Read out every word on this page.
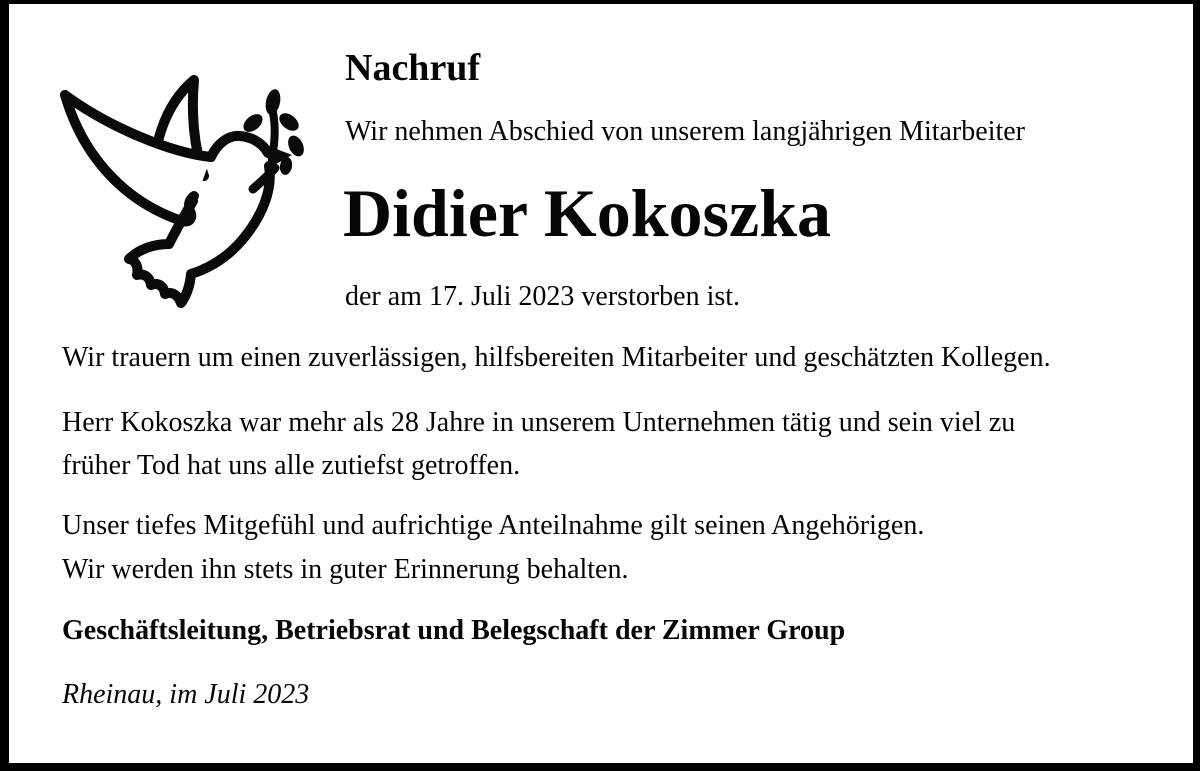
Nachruf
Wir nehmen Abschied von unserem langjährigen Mitarbeiter
Didier Kokoszka
der am 17. Juli 2023 verstorben ist.
Wir trauern um einen zuverlässigen, hilfsbereiten Mitarbeiter und geschätzten Kollegen.
Herr Kokoszka war mehr als 28 Jahre in unserem Unternehmen tätig und sein viel zu
früher Tod hat uns alle zutiefst getroffen.
Unser tiefes Mitgefühl und aufrichtige Anteilnahme gilt seinen Angehörigen.
Wir werden ihn stets in guter Erinnerung behalten.
Geschäftsleitung, Betriebsrat und Belegschaft der Zimmer Group
Rheinau, im Juli 2023
